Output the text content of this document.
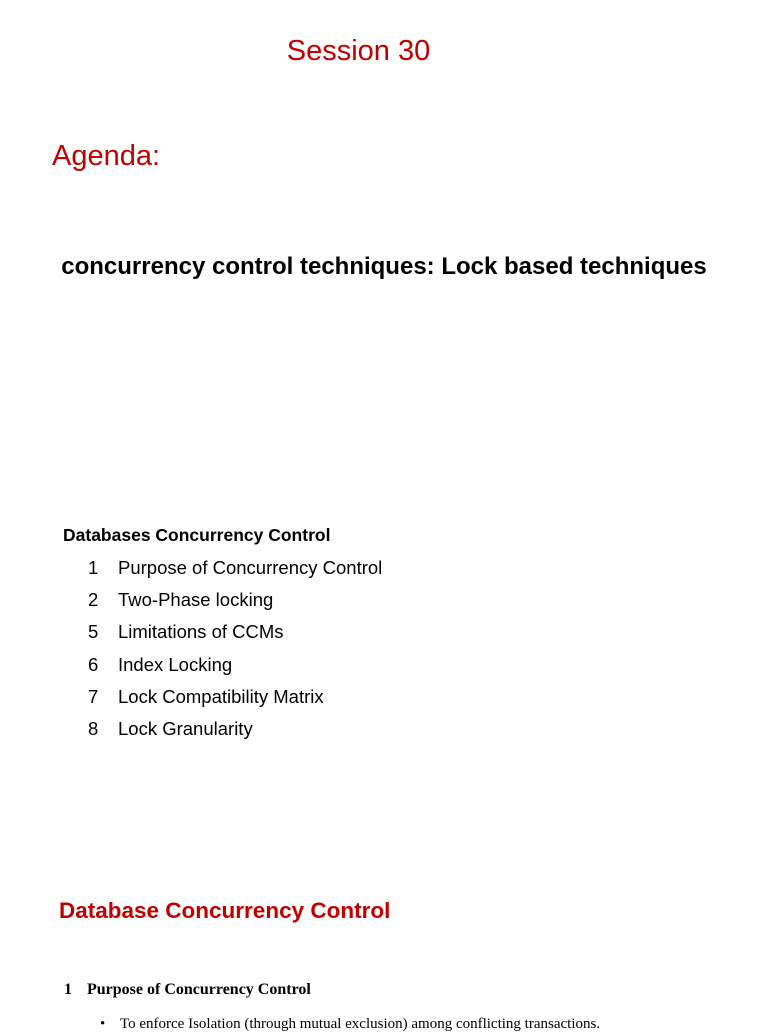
Session 30
Agenda:
concurrency control techniques: Lock based techniques
Databases Concurrency Control
1 Purpose of Concurrency Control
2 Two-Phase locking
5 Limitations of CCMs
6 Index Locking
7 Lock Compatibility Matrix
8 Lock Granularity
Database Concurrency Control
1 Purpose of Concurrency Control
• To enforce Isolation (through mutual exclusion) among conflicting transactions.
